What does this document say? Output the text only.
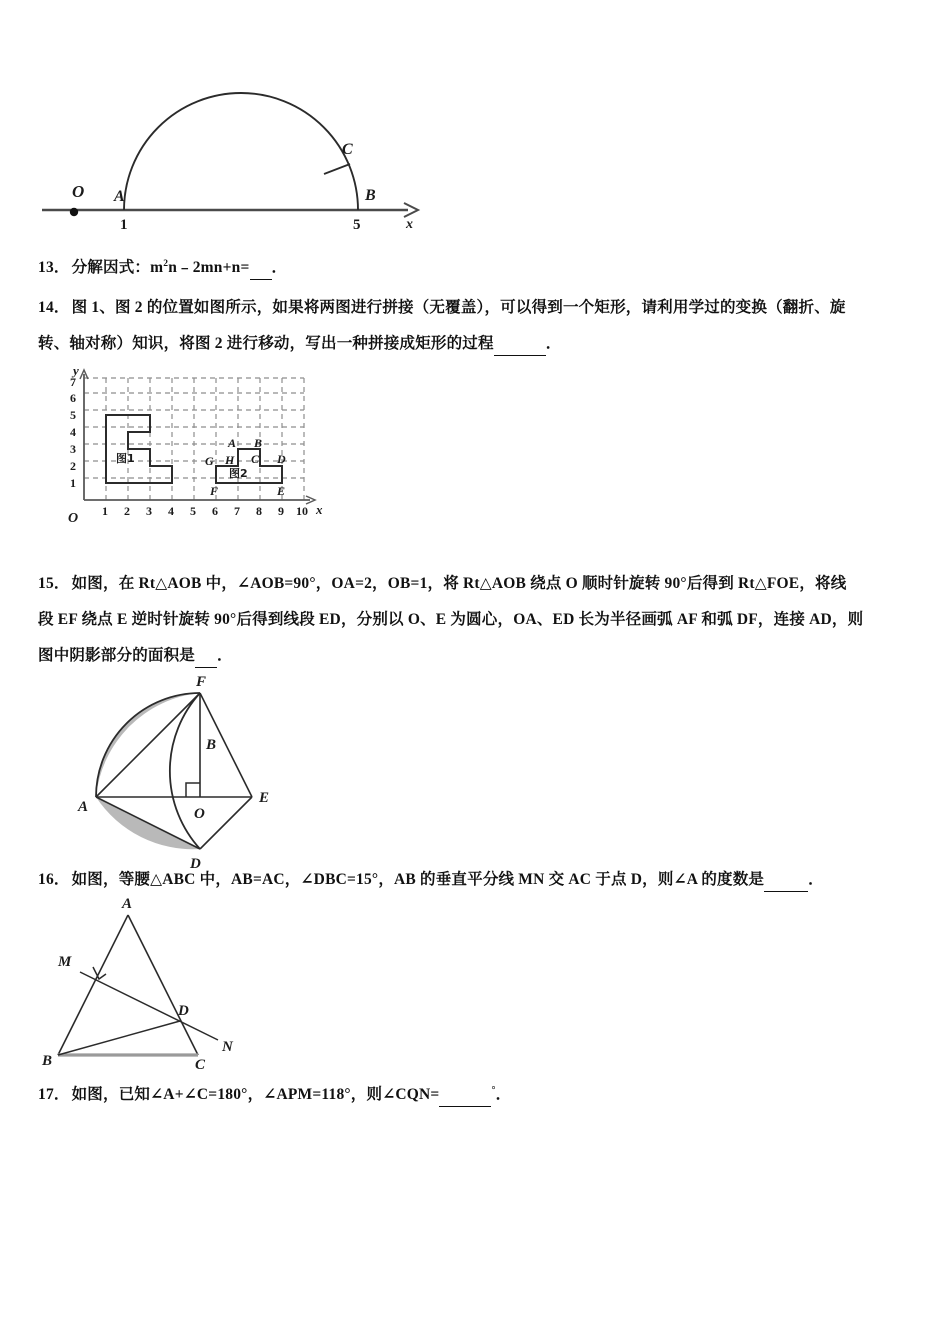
O A
1
B
5
C
x
13． 分解因式：$m^2n﹣2mn+n=$ ．
14． 图 1、图 2 的位置如图所示，如果将两图进行拼接（无覆盖），可以得到一个矩形，请利用学过的变换（翻折、旋
转、轴对称）知识，将图 2 进行移动，写出一种拼接成矩形的过程	．
图1
图2
G H
A B
C D
E
F
1 2 3 4 5 6 7 8 9 10
1
2
3
4
5
6
7
y
x
O
15． 如图，在 Rt△AOB 中，∠AOB=90°，OA=2，OB=1，将 Rt△AOB 绕点 O 顺时针旋转 90°后得到 Rt△FOE，将线
段 EF 绕点 E 逆时针旋转 90°后得到线段 ED，分别以 O、E 为圆心，OA、ED 长为半径画弧 AF 和弧 DF，连接 AD，则
图中阴影部分的面积是 ．
F
B
A	O
E
D
16． 如图，等腰△ABC 中，AB=AC，∠DBC=15°，AB 的垂直平分线 MN 交 AC 于点 D，则∠A 的度数是	．
A
M
D
N
B	C
17． 如图，已知∠A+∠C=180°，∠APM=118°，则∠CQN=	°．
